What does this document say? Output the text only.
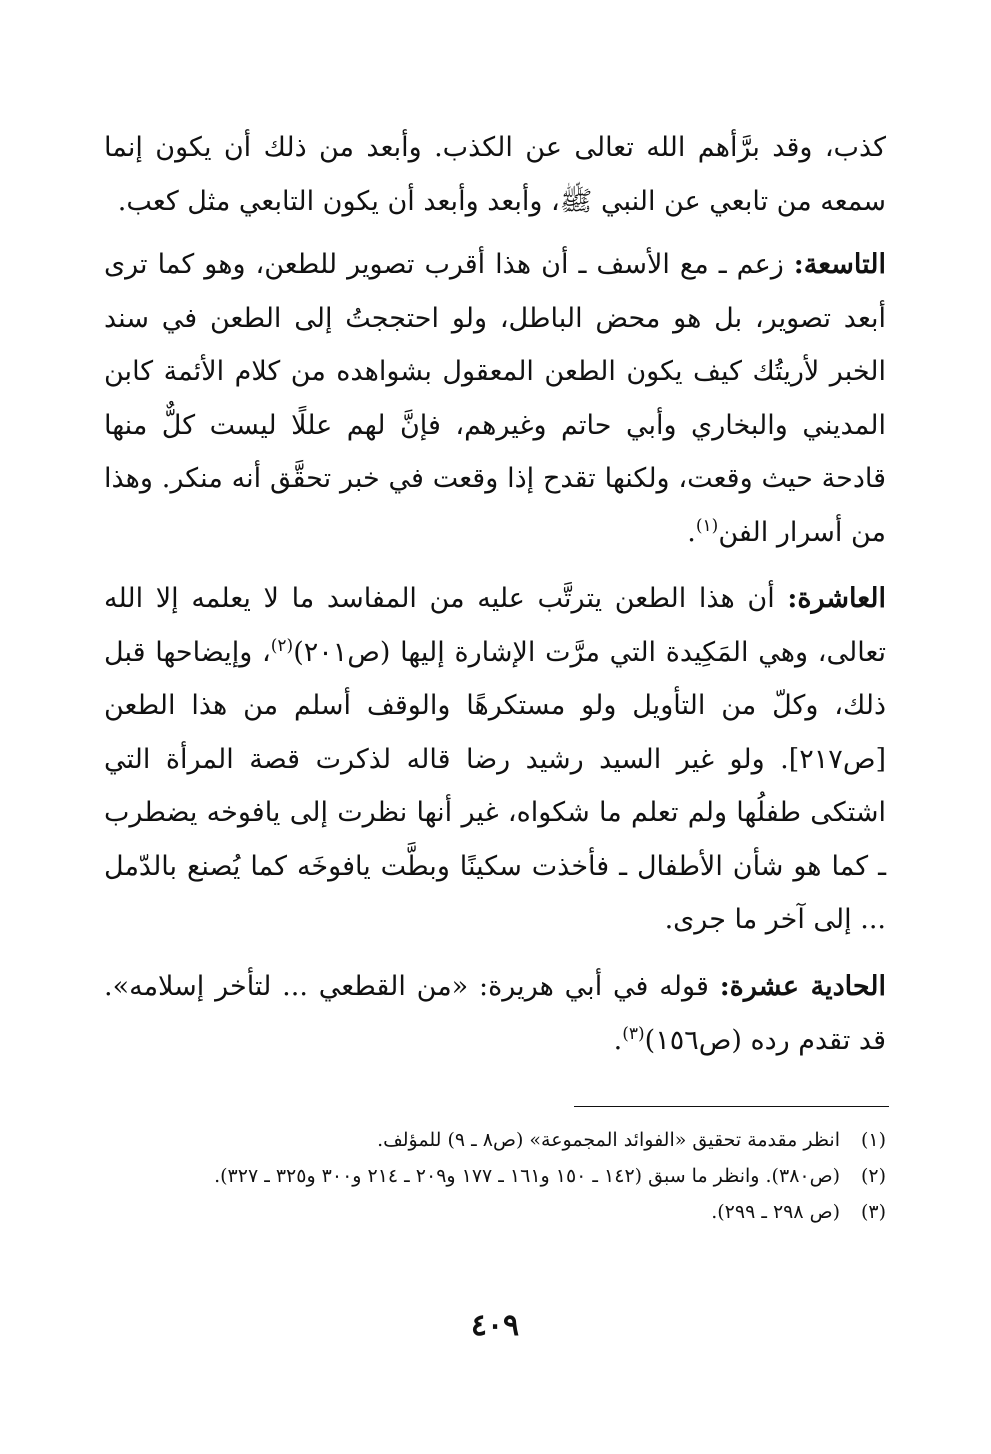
كذب، وقد برَّأهم الله تعالى عن الكذب. وأبعد من ذلك أن يكون إنما سمعه من تابعي عن النبي ﷺ، وأبعد وأبعد أن يكون التابعي مثل كعب.

التاسعة: زعم ـ مع الأسف ـ أن هذا أقرب تصوير للطعن، وهو كما ترى أبعد تصوير، بل هو محض الباطل، ولو احتججتُ إلى الطعن في سند الخبر لأريتُك كيف يكون الطعن المعقول بشواهده من كلام الأئمة كابن المديني والبخاري وأبي حاتم وغيرهم، فإنَّ لهم عللًا ليست كلٌّ منها قادحة حيث وقعت، ولكنها تقدح إذا وقعت في خبر تحقَّق أنه منكر. وهذا من أسرار الفن$^{(١)}$.

العاشرة: أن هذا الطعن يترتَّب عليه من المفاسد ما لا يعلمه إلا الله تعالى، وهي المَكِيدة التي مرَّت الإشارة إليها (ص٢٠١)$^{(٢)}$، وإيضاحها قبل ذلك، وكلّ من التأويل ولو مستكرهًا والوقف أسلم من هذا الطعن [ص٢١٧]. ولو غير السيد رشيد رضا قاله لذكرت قصة المرأة التي اشتكى طفلُها ولم تعلم ما شكواه، غير أنها نظرت إلى يافوخه يضطرب ـ كما هو شأن الأطفال ـ فأخذت سكينًا وبطَّت يافوخَه كما يُصنع بالدّمل ... إلى آخر ما جرى.

الحادية عشرة: قوله في أبي هريرة: «من القطعي ... لتأخر إسلامه». قد تقدم رده (ص١٥٦)$^{(٣)}$.

(١)
انظر مقدمة تحقيق «الفوائد المجموعة» (ص٨ ـ ٩) للمؤلف.
(٢)
(ص٣٨٠). وانظر ما سبق (١٤٢ ـ ١٥٠ و١٦١ ـ ١٧٧ و٢٠٩ ـ ٢١٤ و٣٠٠ و٣٢٥ ـ ٣٢٧).
(٣)
(ص ٢٩٨ ـ ٢٩٩).
٤٠٩
